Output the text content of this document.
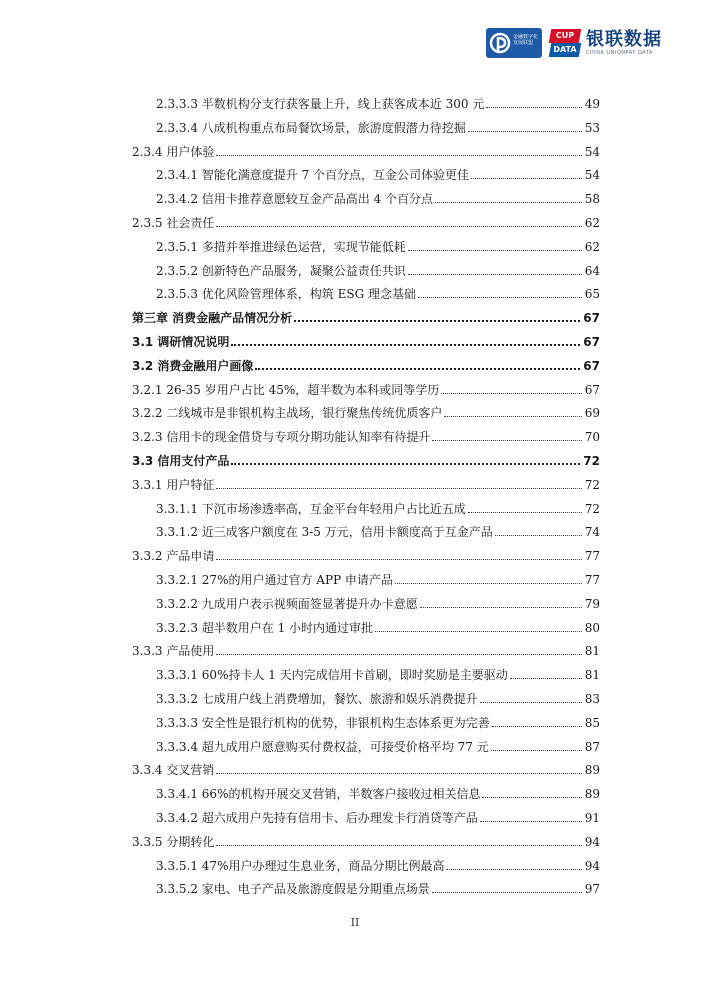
金融数字化发展联盟
CUP
DATA 银联数据
CHINA UNIONPAY DATA
2.3.3.3 半数机构分支行获客量上升，线上获客成本近 300 元	49
2.3.3.4 八成机构重点布局餐饮场景，旅游度假潜力待挖掘	53
2.3.4 用户体验	54
2.3.4.1 智能化满意度提升 7 个百分点，互金公司体验更佳	54
2.3.4.2 信用卡推荐意愿较互金产品高出 4 个百分点	58
2.3.5 社会责任	62
2.3.5.1 多措并举推进绿色运营，实现节能低耗	62
2.3.5.2 创新特色产品服务，凝聚公益责任共识	64
2.3.5.3 优化风险管理体系，构筑 ESG 理念基础	65
第三章 消费金融产品情况分析	67
3.1 调研情况说明	67
3.2 消费金融用户画像	67
3.2.1 26-35 岁用户占比 45%，超半数为本科或同等学历	67
3.2.2 二线城市是非银机构主战场，银行聚焦传统优质客户	69
3.2.3 信用卡的现金借贷与专项分期功能认知率有待提升	70
3.3 信用支付产品	72
3.3.1 用户特征	72
3.3.1.1 下沉市场渗透率高，互金平台年轻用户占比近五成	72
3.3.1.2 近三成客户额度在 3-5 万元，信用卡额度高于互金产品	74
3.3.2 产品申请	77
3.3.2.1 27%的用户通过官方 APP 申请产品	77
3.3.2.2 九成用户表示视频面签显著提升办卡意愿	79
3.3.2.3 超半数用户在 1 小时内通过审批	80
3.3.3 产品使用	81
3.3.3.1 60%持卡人 1 天内完成信用卡首刷，即时奖励是主要驱动	81
3.3.3.2 七成用户线上消费增加，餐饮、旅游和娱乐消费提升	83
3.3.3.3 安全性是银行机构的优势，非银机构生态体系更为完善	85
3.3.3.4 超九成用户愿意购买付费权益，可接受价格平均 77 元	87
3.3.4 交叉营销	89
3.3.4.1 66%的机构开展交叉营销，半数客户接收过相关信息	89
3.3.4.2 超六成用户先持有信用卡、后办理发卡行消贷等产品	91
3.3.5 分期转化	94
3.3.5.1 47%用户办理过生息业务，商品分期比例最高	94
3.3.5.2 家电、电子产品及旅游度假是分期重点场景	97
II
